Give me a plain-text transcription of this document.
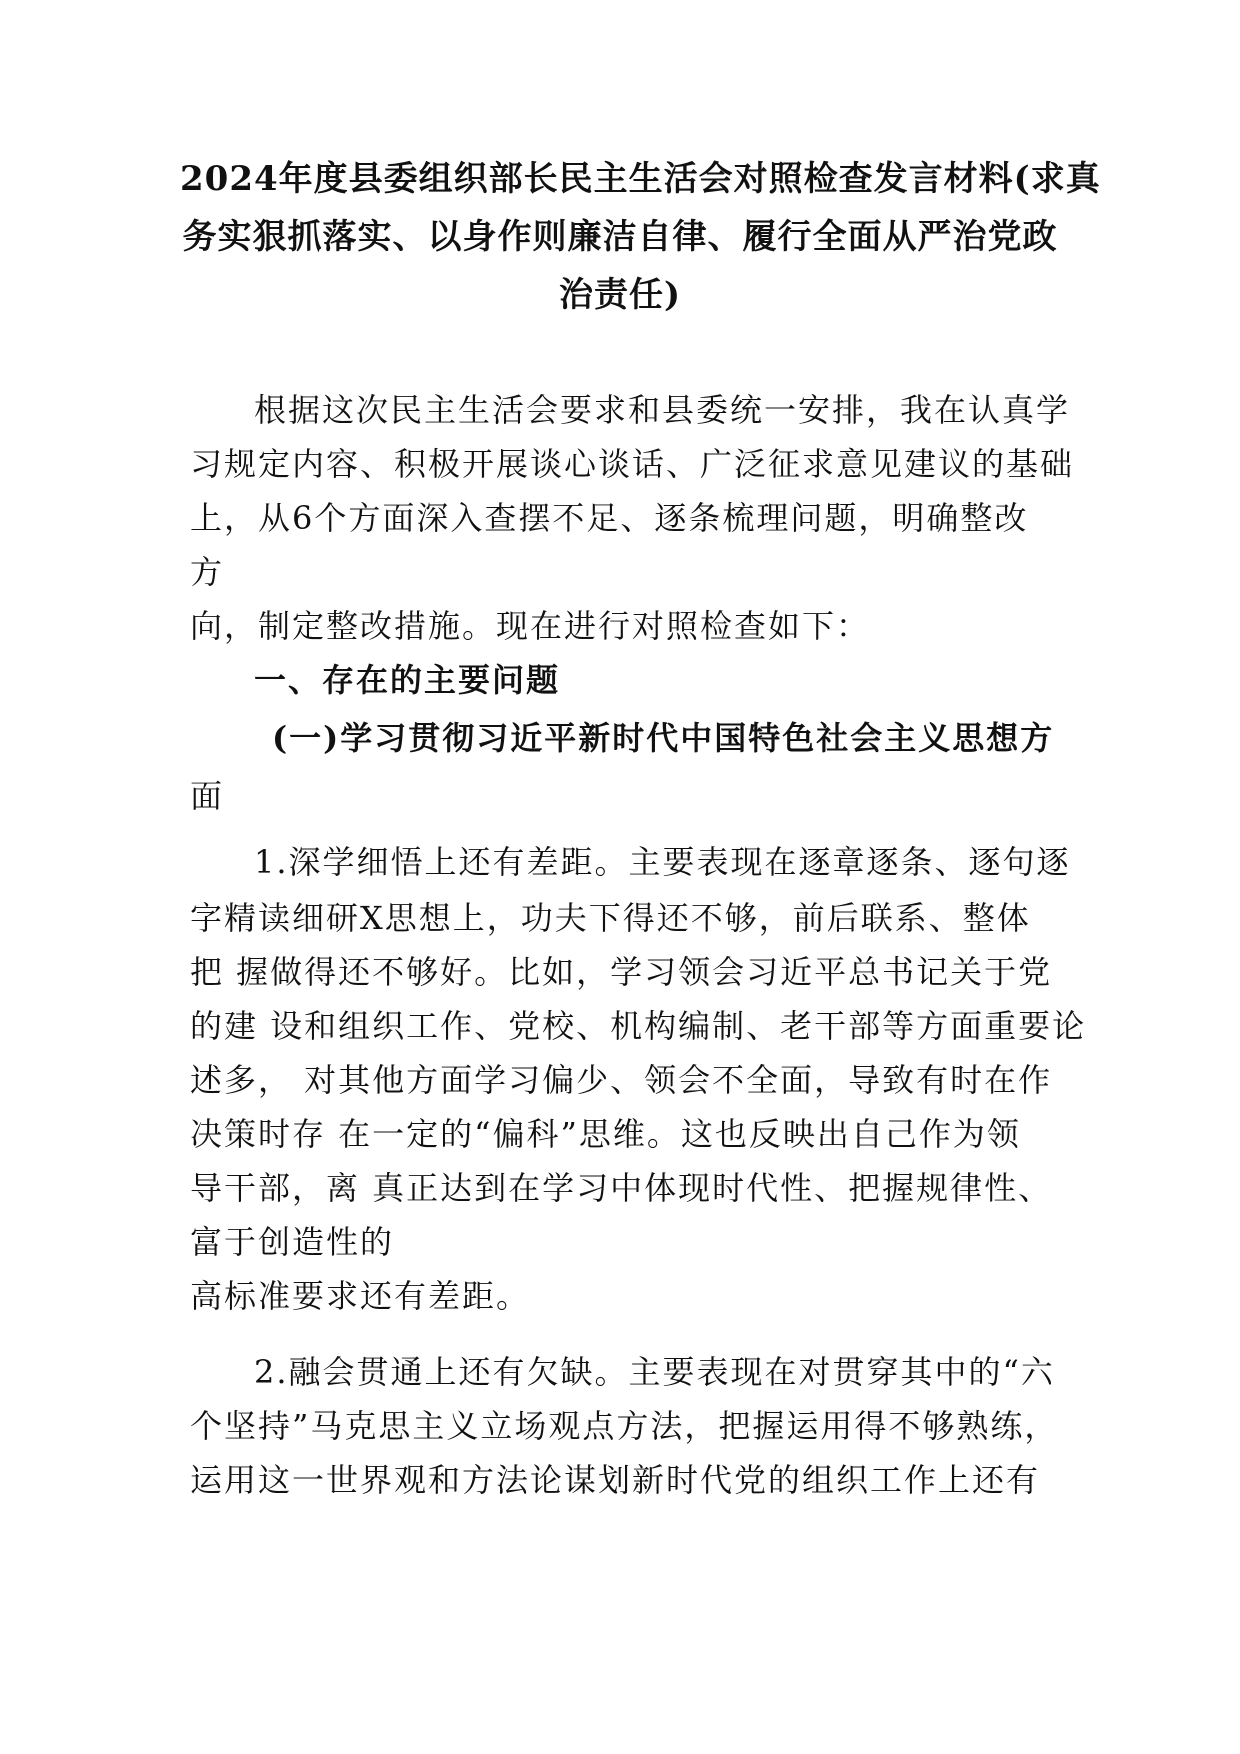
2024年度县委组织部长民主生活会对照检查发言材料(求真
务实狠抓落实、以身作则廉洁自律、履行全面从严治党政
治责任)
根据这次民主生活会要求和县委统一安排，我在认真学
习规定内容、积极开展谈心谈话、广泛征求意见建议的基础
上，从6个方面深入查摆不足、逐条梳理问题，明确整改
方
向，制定整改措施。现在进行对照检查如下：
一、存在的主要问题
(一)学习贯彻习近平新时代中国特色社会主义思想方
面
1.深学细悟上还有差距。主要表现在逐章逐条、逐句逐
字精读细研X思想上，功夫下得还不够，前后联系、整体
把 握做得还不够好。比如，学习领会习近平总书记关于党
的建 设和组织工作、党校、机构编制、老干部等方面重要论
述多， 对其他方面学习偏少、领会不全面，导致有时在作
决策时存 在一定的“偏科”思维。这也反映出自己作为领
导干部，离 真正达到在学习中体现时代性、把握规律性、
富于创造性的
高标准要求还有差距。
2.融会贯通上还有欠缺。主要表现在对贯穿其中的“六
个坚持”马克思主义立场观点方法，把握运用得不够熟练，
运用这一世界观和方法论谋划新时代党的组织工作上还有
